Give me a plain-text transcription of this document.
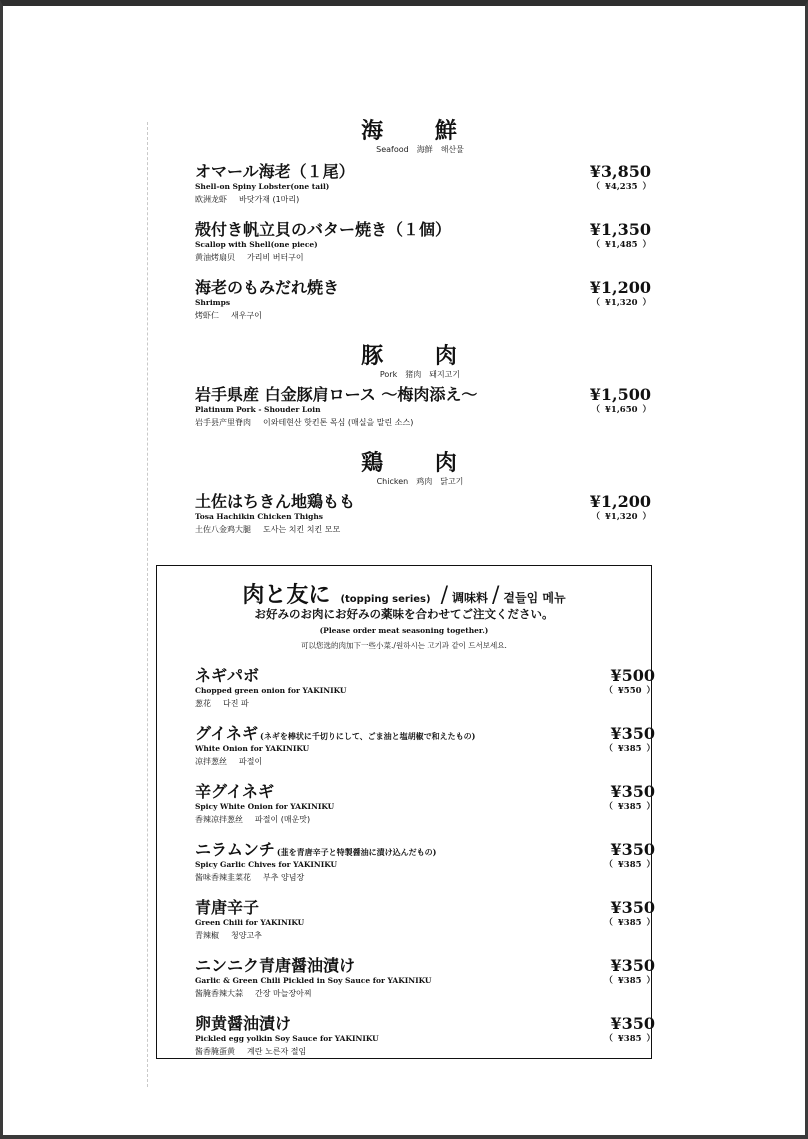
海 鮮
Seafood　海鮮　해산물
オマール海老（１尾）
Shell-on Spiny Lobster(one tail)
欧洲龙虾 바닷가재 (1마리)
¥3,850
（ ¥4,235 ）
殻付き帆立貝のバター焼き（１個）
Scallop with Shell(one piece)
黄油烤扇贝 가리비 버터구이
¥1,350
（ ¥1,485 ）
海老のもみだれ焼き
Shrimps
烤虾仁 새우구이
¥1,200
（ ¥1,320 ）
豚 肉
Pork　猪肉　돼지고기
岩手県産 白金豚肩ロース ～梅肉添え～
Platinum Pork - Shouder Loin
岩手县产里脊肉 이와테현산 핫킨톤 목심 (매실을 말린 소스)
¥1,500
（ ¥1,650 ）
鶏 肉
Chicken　鸡肉　닭고기
土佐はちきん地鶏もも
Tosa Hachikin Chicken Thighs
土佐八金鸡大腿 도사는 치킨 치킨 모모
¥1,200
（ ¥1,320 ）
肉と友に (topping series) / 调味料 / 곁들임 메뉴
お好みのお肉にお好みの薬味を合わせてご注文ください。
(Please order meat seasoning together.)
可以您选的肉加下一些小菜./원하시는 고기과 같이 드서보세요.
ネギパボ
Chopped green onion for YAKINIKU
葱花 다진 파
¥500
（ ¥550 ）
グイネギ (ネギを棒状に千切りにして、ごま油と塩胡椒で和えたもの)
White Onion for YAKINIKU
凉拌葱丝 파절이
¥350
（ ¥385 ）
辛グイネギ
Spicy White Onion for YAKINIKU
香辣凉拌葱丝 파절이 (매운맛)
¥350
（ ¥385 ）
ニラムンチ (韮を青唐辛子と特製醤油に漬け込んだもの)
Spicy Garlic Chives for YAKINIKU
酱味香辣韭菜花 부추 양념장
¥350
（ ¥385 ）
青唐辛子
Green Chili for YAKINIKU
青辣椒 청양고추
¥350
（ ¥385 ）
ニンニク青唐醤油漬け
Garlic & Green Chili Pickled in Soy Sauce for YAKINIKU
酱腌香辣大蒜 간장 마늘장아찌
¥350
（ ¥385 ）
卵黄醤油漬け
Pickled egg yolkin Soy Sauce for YAKINIKU
酱香腌蛋黄 계란 노른자 절임
¥350
（ ¥385 ）
